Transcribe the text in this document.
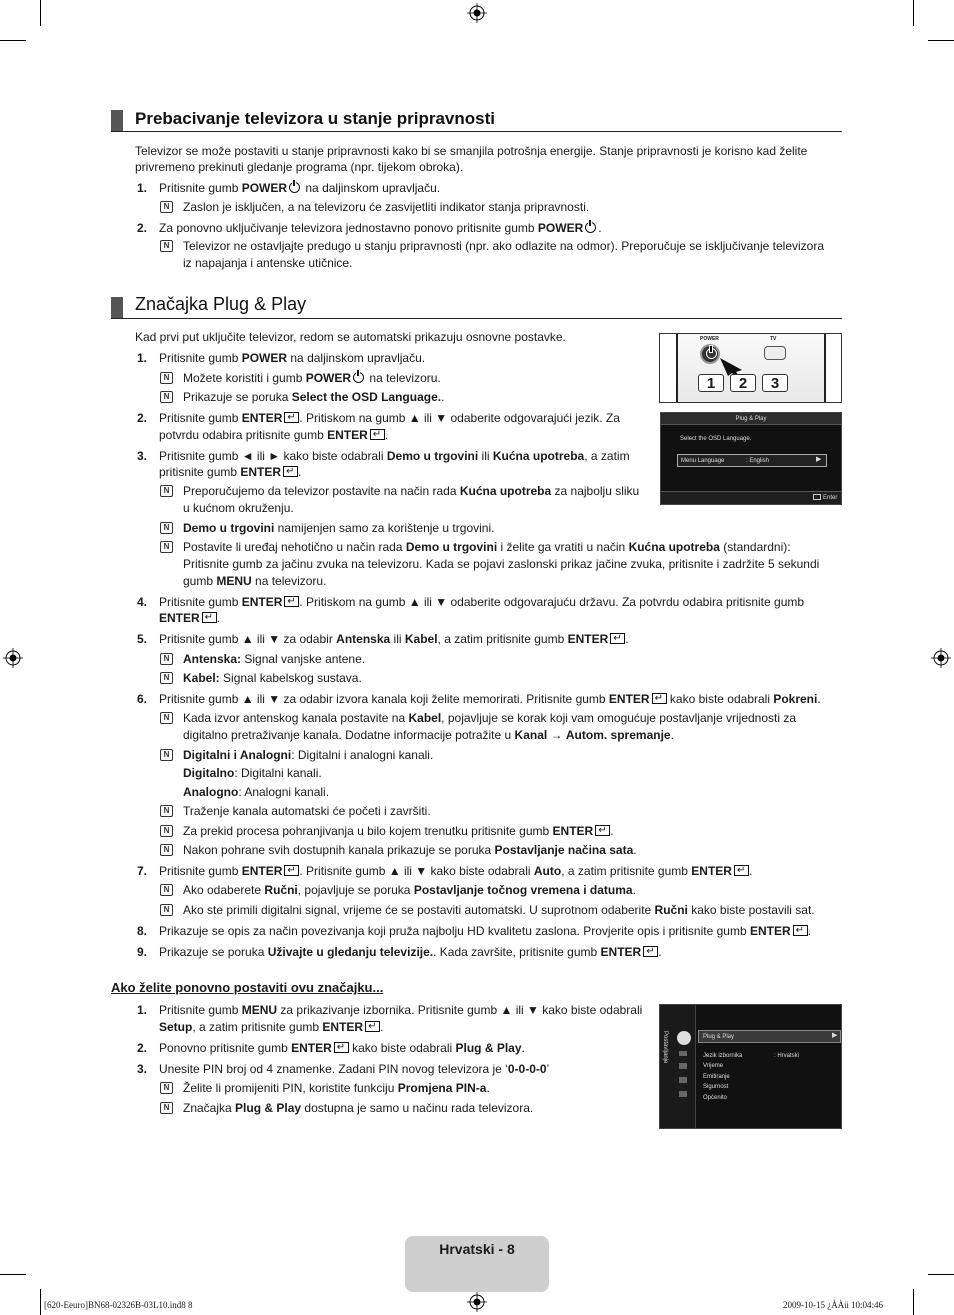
Prebacivanje televizora u stanje pripravnosti
Televizor se može postaviti u stanje pripravnosti kako bi se smanjila potrošnja energije. Stanje pripravnosti je korisno kad želite
privremeno prekinuti gledanje programa (npr. tijekom obroka).
1. Pritisnite gumb POWER na daljinskom upravljaču.
N	Zaslon je isključen, a na televizoru će zasvijetliti indikator stanja pripravnosti.
2. Za ponovno uključivanje televizora jednostavno ponovo pritisnite gumb POWER .
N	Televizor ne ostavljajte predugo u stanju pripravnosti (npr. ako odlazite na odmor). Preporučuje se isključivanje televizora
iz napajanja i antenske utičnice.
Značajka Plug & Play
Kad prvi put uključite televizor, redom se automatski prikazuju osnovne postavke.
1. Pritisnite gumb POWER na daljinskom upravljaču.
N	Možete koristiti i gumb POWER na televizoru.
N	Prikazuje se poruka Select the OSD Language..
2. Pritisnite gumb ENTER ↵ . Pritiskom na gumb ▲ ili ▼ odaberite odgovarajući jezik. Za
potvrdu odabira pritisnite gumb ENTER ↵ .
3. Pritisnite gumb ◄ ili ► kako biste odabrali Demo u trgovini ili Kućna upotreba, a zatim
pritisnite gumb ENTER ↵ .
N	Preporučujemo da televizor postavite na način rada Kućna upotreba za najbolju sliku
u kućnom okruženju.
N	Demo u trgovini namijenjen samo za korištenje u trgovini.
N	Postavite li uređaj nehotično u način rada Demo u trgovini i želite ga vratiti u način Kućna upotreba (standardni):
Pritisnite gumb za jačinu zvuka na televizoru. Kada se pojavi zaslonski prikaz jačine zvuka, pritisnite i zadržite 5 sekundi
gumb MENU na televizoru.
4. Pritisnite gumb ENTER ↵ . Pritiskom na gumb ▲ ili ▼ odaberite odgovarajuću državu. Za potvrdu odabira pritisnite gumb
ENTER ↵ .
5. Pritisnite gumb ▲ ili ▼ za odabir Antenska ili Kabel, a zatim pritisnite gumb ENTER ↵ .
N	Antenska: Signal vanjske antene.
N	Kabel: Signal kabelskog sustava.
6. Pritisnite gumb ▲ ili ▼ za odabir izvora kanala koji želite memorirati. Pritisnite gumb ENTER↵ kako biste odabrali Pokreni.
N	Kada izvor antenskog kanala postavite na Kabel, pojavljuje se korak koji vam omogućuje postavljanje vrijednosti za
digitalno pretraživanje kanala. Dodatne informacije potražite u Kanal → Autom. spremanje.
N	Digitalni i Analogni: Digitalni i analogni kanali.
Digitalno: Digitalni kanali.
Analogno: Analogni kanali.
N	Traženje kanala automatski će početi i završiti.
N	Za prekid procesa pohranjivanja u bilo kojem trenutku pritisnite gumb ENTER ↵ .
N	Nakon pohrane svih dostupnih kanala prikazuje se poruka Postavljanje načina sata.
7. Pritisnite gumb ENTER ↵ . Pritisnite gumb ▲ ili ▼ kako biste odabrali Auto, a zatim pritisnite gumb ENTER ↵ .
N	Ako odaberete Ručni, pojavljuje se poruka Postavljanje točnog vremena i datuma.
N	Ako ste primili digitalni signal, vrijeme će se postaviti automatski. U suprotnom odaberite Ručni kako biste postavili sat.
8. Prikazuje se opis za način povezivanja koji pruža najbolju HD kvalitetu zaslona. Provjerite opis i pritisnite gumb ENTER ↵ .
9. Prikazuje se poruka Uživajte u gledanju televizije.. Kada završite, pritisnite gumb ENTER ↵ .
POWER	TV
1	2	3
Plug & Play
Select the OSD Language.
Menu Language	: English	▶
Enter
Ako želite ponovno postaviti ovu značajku...
1. Pritisnite gumb MENU za prikazivanje izbornika. Pritisnite gumb ▲ ili ▼ kako biste odabrali
Setup, a zatim pritisnite gumb ENTER ↵ .
2. Ponovno pritisnite gumb ENTER↵ kako biste odabrali Plug & Play.
3. Unesite PIN broj od 4 znamenke. Zadani PIN novog televizora je ‘0-0-0-0’
N	Želite li promijeniti PIN, koristite funkciju Promjena PIN-a.
N	Značajka Plug & Play dostupna je samo u načinu rada televizora.
Postavljanje	Plug & Play	▶
Jezik izbornika	: Hrvatski
Vrijeme
Emitiranje
Sigurnost
Općenito
Hrvatski - 8
[620-Eeuro]BN68-02326B-03L10.ind8 8	2009-10-15 ¿ÀÀü 10:04:46
